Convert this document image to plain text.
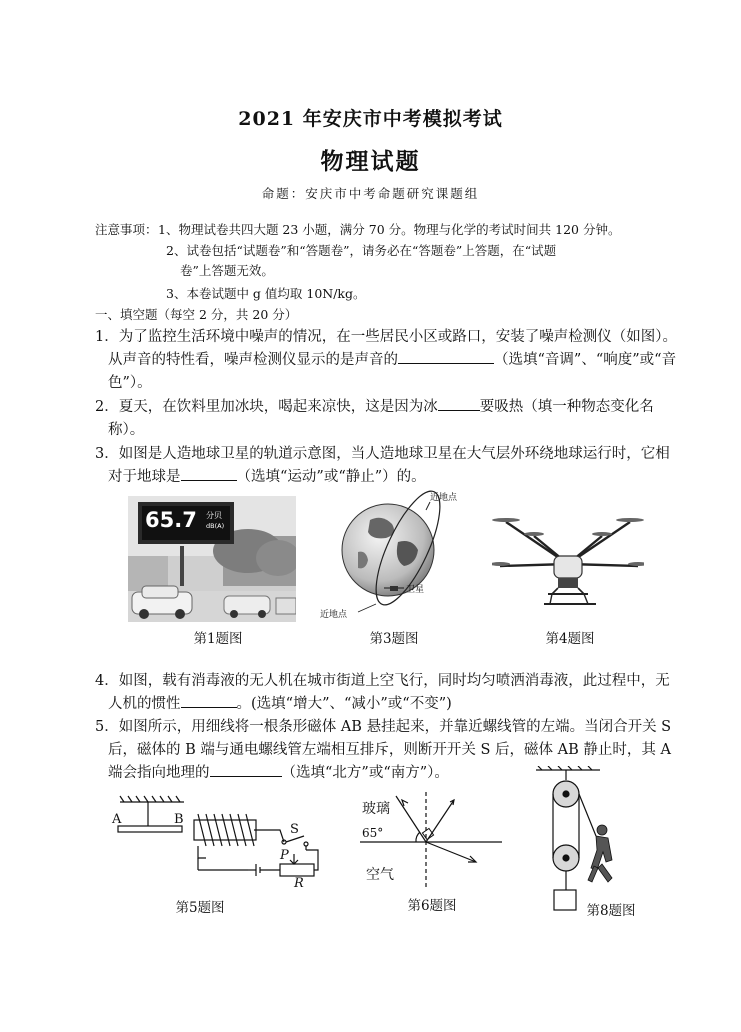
2021 年安庆市中考模拟考试
物理试题
命题：安庆市中考命题研究课题组
注意事项： 1、物理试卷共四大题 23 小题，满分 70 分。物理与化学的考试时间共 120 分钟。
2、试卷包括“试题卷”和“答题卷”，请务必在“答题卷”上答题，在“试题
卷”上答题无效。
3、本卷试题中 g 值均取 10N/kg。
一、填空题（每空 2 分，共 20 分）
1．为了监控生活环境中噪声的情况，在一些居民小区或路口，安装了噪声检测仪（如图）。
从声音的特性看，噪声检测仪显示的是声音的	（选填“音调”、“响度”或“音
色”）。
2．夏天，在饮料里加冰块，喝起来凉快，这是因为冰	要吸热（填一种物态变化名
称）。
3．如图是人造地球卫星的轨道示意图，当人造地球卫星在大气层外环绕地球运行时，它相
对于地球是	（选填“运动”或“静止”）的。
65.7 分贝
dB(A)
第1题图
近地点
卫星
近地点
第3题图	第4题图
4．如图，载有消毒液的无人机在城市街道上空飞行，同时均匀喷洒消毒液，此过程中，无
人机的惯性	。(选填“增大”、“减小”或“不变”)
5．如图所示，用细线将一根条形磁体 AB 悬挂起来，并靠近螺线管的左端。当闭合开关 S
后，磁体的 B 端与通电螺线管左端相互排斥，则断开开关 S 后，磁体 AB 静止时，其 A
端会指向地理的	（选填“北方”或“南方”）。
A	B
S
P
R
第5题图
玻璃
65°
空气
第6题图	第8题图
